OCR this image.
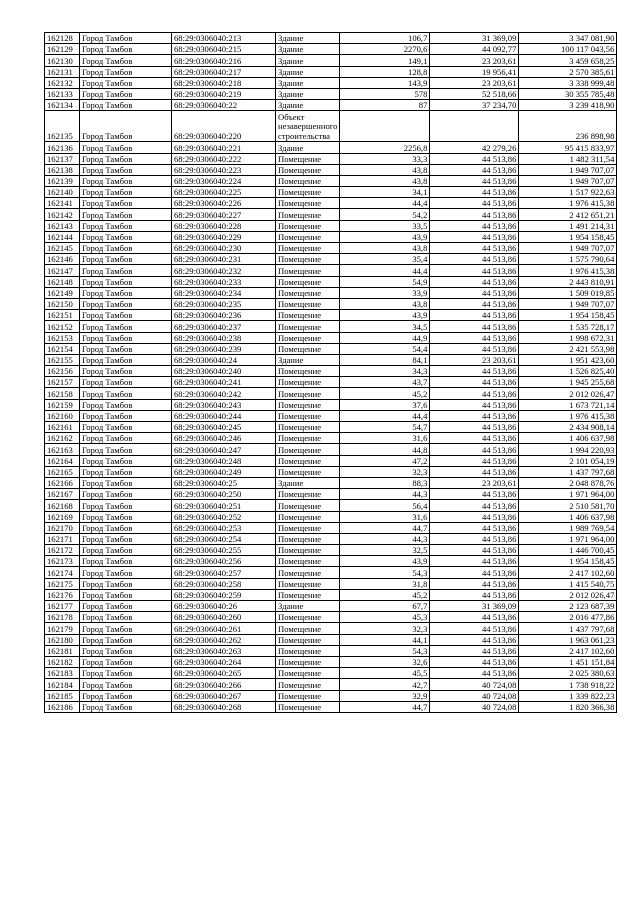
162128	Город Тамбов	68:29:0306040:213	Здание	106,7	31 369,09	3 347 081,90
162129	Город Тамбов	68:29:0306040:215	Здание	2270,6	44 092,77	100 117 043,56
162130	Город Тамбов	68:29:0306040:216	Здание	149,1	23 203,61	3 459 658,25
162131	Город Тамбов	68:29:0306040:217	Здание	128,8	19 956,41	2 570 385,61
162132	Город Тамбов	68:29:0306040:218	Здание	143,9	23 203,61	3 338 999,48
162133	Город Тамбов	68:29:0306040:219	Здание	578	52 518,66	30 355 785,48
162134	Город Тамбов	68:29:0306040:22	Здание	87	37 234,70	3 239 418,90
162135	Город Тамбов	68:29:0306040:220	Объект незавершенного строительства			236 898,98
162136	Город Тамбов	68:29:0306040:221	Здание	2256,8	42 279,26	95 415 833,97
162137	Город Тамбов	68:29:0306040:222	Помещение	33,3	44 513,86	1 482 311,54
162138	Город Тамбов	68:29:0306040:223	Помещение	43,8	44 513,86	1 949 707,07
162139	Город Тамбов	68:29:0306040:224	Помещение	43,8	44 513,86	1 949 707,07
162140	Город Тамбов	68:29:0306040:225	Помещение	34,1	44 513,86	1 517 922,63
162141	Город Тамбов	68:29:0306040:226	Помещение	44,4	44 513,86	1 976 415,38
162142	Город Тамбов	68:29:0306040:227	Помещение	54,2	44 513,86	2 412 651,21
162143	Город Тамбов	68:29:0306040:228	Помещение	33,5	44 513,86	1 491 214,31
162144	Город Тамбов	68:29:0306040:229	Помещение	43,9	44 513,86	1 954 158,45
162145	Город Тамбов	68:29:0306040:230	Помещение	43,8	44 513,86	1 949 707,07
162146	Город Тамбов	68:29:0306040:231	Помещение	35,4	44 513,86	1 575 790,64
162147	Город Тамбов	68:29:0306040:232	Помещение	44,4	44 513,86	1 976 415,38
162148	Город Тамбов	68:29:0306040:233	Помещение	54,9	44 513,86	2 443 810,91
162149	Город Тамбов	68:29:0306040:234	Помещение	33,9	44 513,86	1 509 019,85
162150	Город Тамбов	68:29:0306040:235	Помещение	43,8	44 513,86	1 949 707,07
162151	Город Тамбов	68:29:0306040:236	Помещение	43,9	44 513,86	1 954 158,45
162152	Город Тамбов	68:29:0306040:237	Помещение	34,5	44 513,86	1 535 728,17
162153	Город Тамбов	68:29:0306040:238	Помещение	44,9	44 513,86	1 998 672,31
162154	Город Тамбов	68:29:0306040:239	Помещение	54,4	44 513,86	2 421 553,98
162155	Город Тамбов	68:29:0306040:24	Здание	84,1	23 203,61	1 951 423,60
162156	Город Тамбов	68:29:0306040:240	Помещение	34,3	44 513,86	1 526 825,40
162157	Город Тамбов	68:29:0306040:241	Помещение	43,7	44 513,86	1 945 255,68
162158	Город Тамбов	68:29:0306040:242	Помещение	45,2	44 513,86	2 012 026,47
162159	Город Тамбов	68:29:0306040:243	Помещение	37,6	44 513,86	1 673 721,14
162160	Город Тамбов	68:29:0306040:244	Помещение	44,4	44 513,86	1 976 415,38
162161	Город Тамбов	68:29:0306040:245	Помещение	54,7	44 513,86	2 434 908,14
162162	Город Тамбов	68:29:0306040:246	Помещение	31,6	44 513,86	1 406 637,98
162163	Город Тамбов	68:29:0306040:247	Помещение	44,8	44 513,86	1 994 220,93
162164	Город Тамбов	68:29:0306040:248	Помещение	47,2	44 513,86	2 101 054,19
162165	Город Тамбов	68:29:0306040:249	Помещение	32,3	44 513,86	1 437 797,68
162166	Город Тамбов	68:29:0306040:25	Здание	88,3	23 203,61	2 048 878,76
162167	Город Тамбов	68:29:0306040:250	Помещение	44,3	44 513,86	1 971 964,00
162168	Город Тамбов	68:29:0306040:251	Помещение	56,4	44 513,86	2 510 581,70
162169	Город Тамбов	68:29:0306040:252	Помещение	31,6	44 513,86	1 406 637,98
162170	Город Тамбов	68:29:0306040:253	Помещение	44,7	44 513,86	1 989 769,54
162171	Город Тамбов	68:29:0306040:254	Помещение	44,3	44 513,86	1 971 964,00
162172	Город Тамбов	68:29:0306040:255	Помещение	32,5	44 513,86	1 446 700,45
162173	Город Тамбов	68:29:0306040:256	Помещение	43,9	44 513,86	1 954 158,45
162174	Город Тамбов	68:29:0306040:257	Помещение	54,3	44 513,86	2 417 102,60
162175	Город Тамбов	68:29:0306040:258	Помещение	31,8	44 513,86	1 415 540,75
162176	Город Тамбов	68:29:0306040:259	Помещение	45,2	44 513,86	2 012 026,47
162177	Город Тамбов	68:29:0306040:26	Здание	67,7	31 369,09	2 123 687,39
162178	Город Тамбов	68:29:0306040:260	Помещение	45,3	44 513,86	2 016 477,86
162179	Город Тамбов	68:29:0306040:261	Помещение	32,3	44 513,86	1 437 797,68
162180	Город Тамбов	68:29:0306040:262	Помещение	44,1	44 513,86	1 963 061,23
162181	Город Тамбов	68:29:0306040:263	Помещение	54,3	44 513,86	2 417 102,60
162182	Город Тамбов	68:29:0306040:264	Помещение	32,6	44 513,86	1 451 151,84
162183	Город Тамбов	68:29:0306040:265	Помещение	45,5	44 513,86	2 025 380,63
162184	Город Тамбов	68:29:0306040:266	Помещение	42,7	40 724,08	1 738 918,22
162185	Город Тамбов	68:29:0306040:267	Помещение	32,9	40 724,08	1 339 822,23
162186	Город Тамбов	68:29:0306040:268	Помещение	44,7	40 724,08	1 820 366,38
